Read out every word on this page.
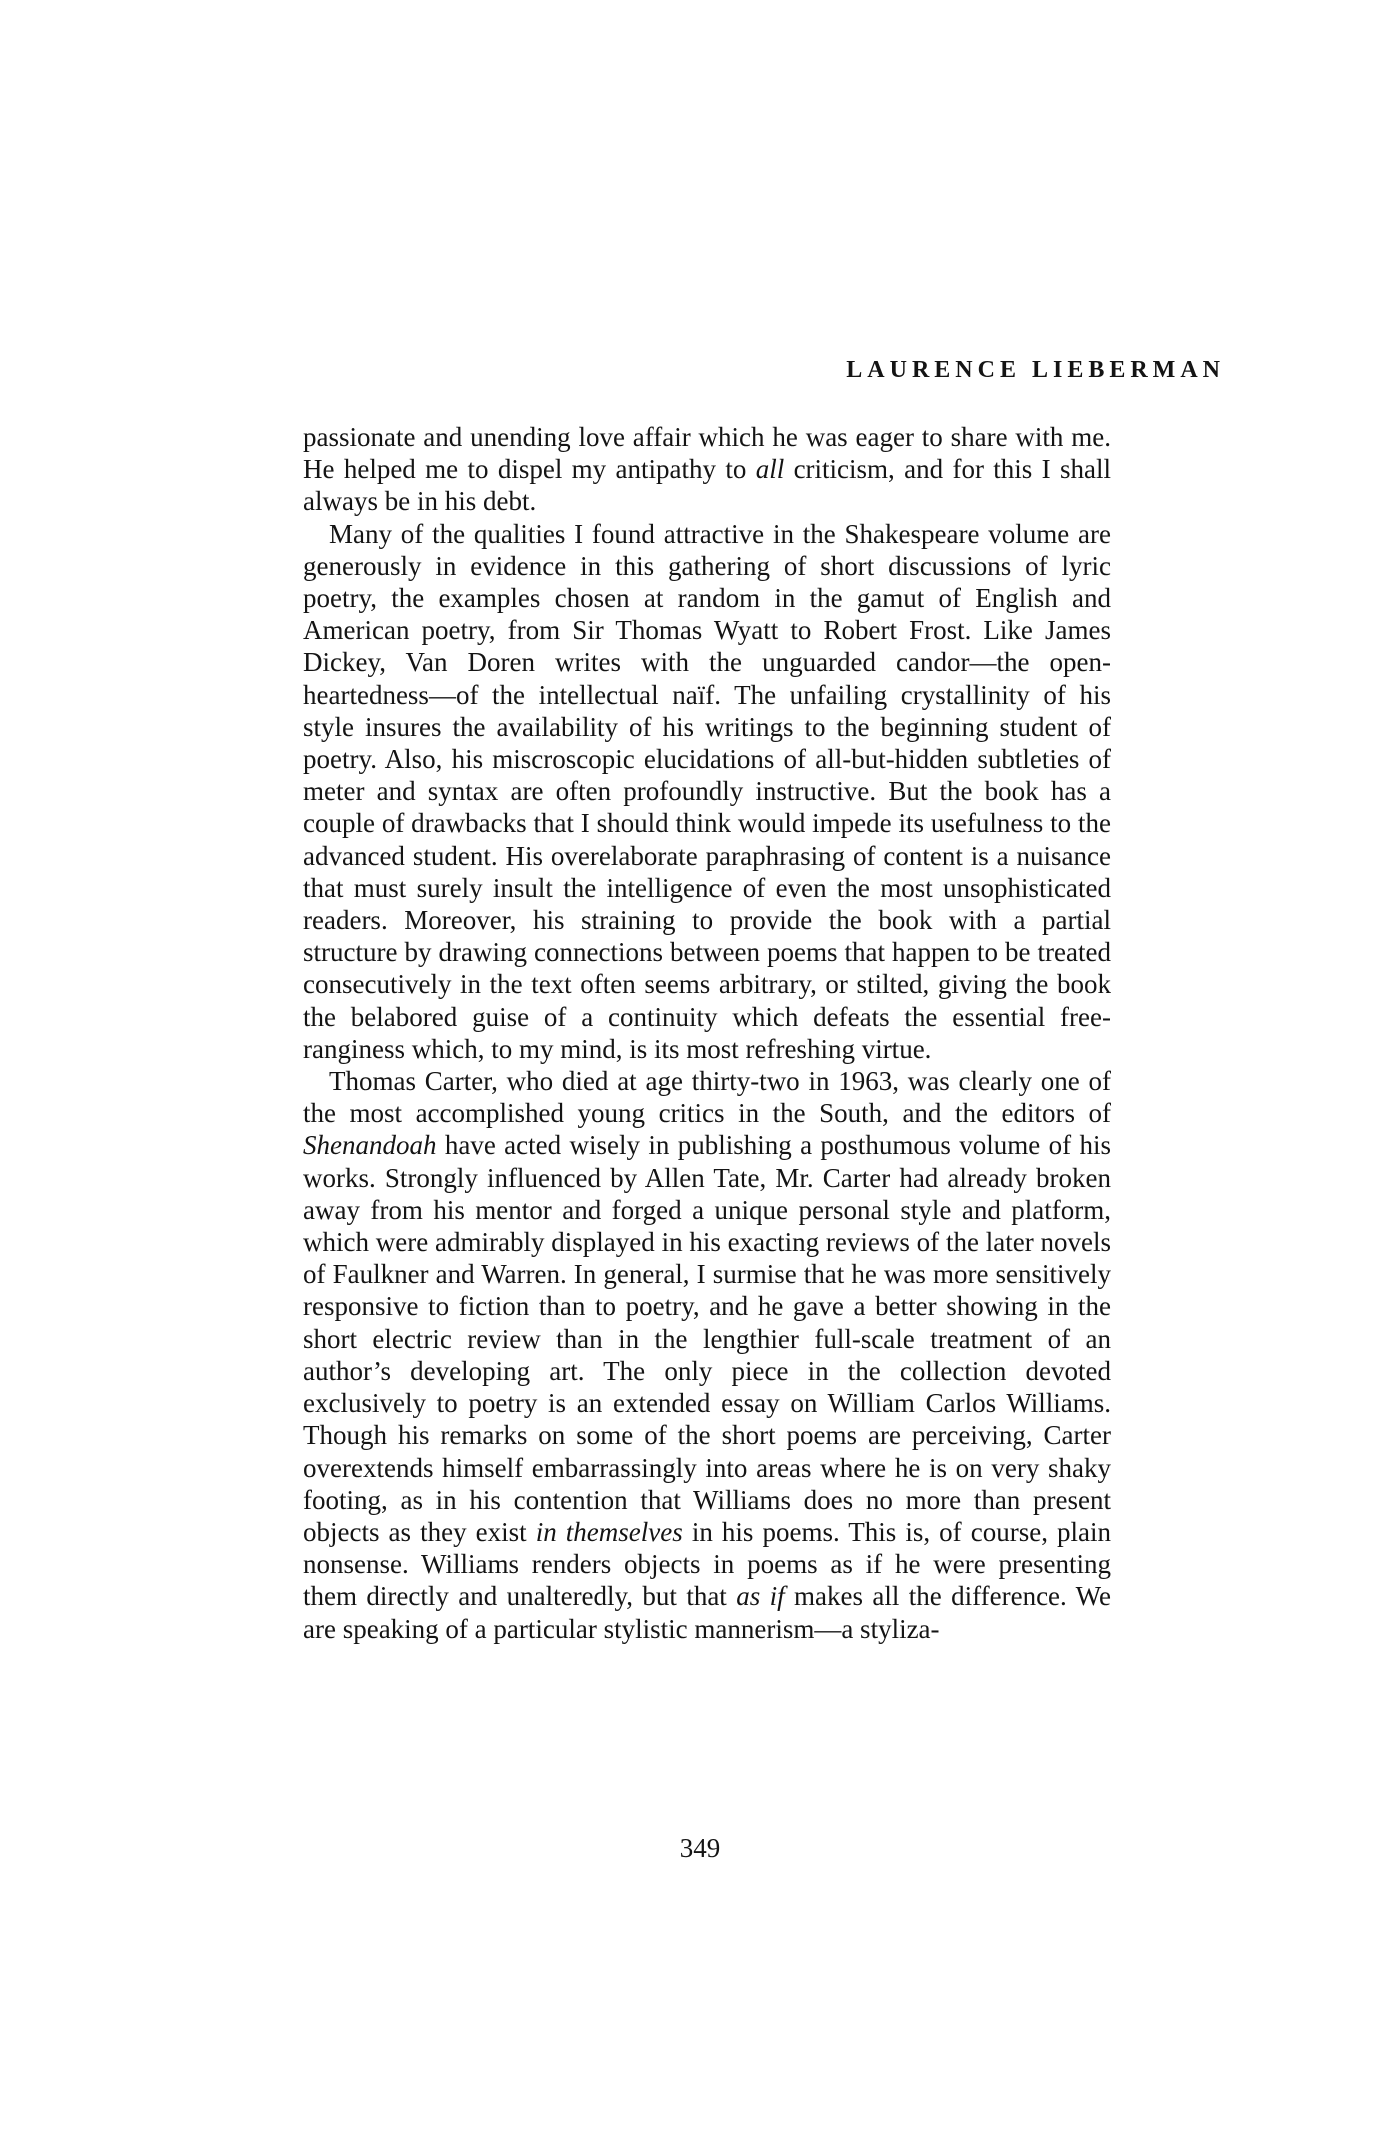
LAURENCE LIEBERMAN

passionate and unending love affair which he was eager to share with me. He helped me to dispel my antipathy to all criticism, and for this I shall always be in his debt.

Many of the qualities I found attractive in the Shakespeare volume are generously in evidence in this gathering of short discussions of lyric poetry, the examples chosen at random in the gamut of English and American poetry, from Sir Thomas Wyatt to Robert Frost. Like James Dickey, Van Doren writes with the unguarded candor—the open-heartedness—of the intellectual naïf. The unfailing crystallinity of his style insures the availability of his writings to the beginning student of poetry. Also, his miscroscopic elucidations of all-but-hidden subtleties of meter and syntax are often profoundly instructive. But the book has a couple of drawbacks that I should think would impede its usefulness to the advanced student. His overelaborate paraphrasing of content is a nuisance that must surely insult the intelligence of even the most unsophisticated readers. Moreover, his straining to provide the book with a partial structure by drawing connections between poems that happen to be treated consecutively in the text often seems arbitrary, or stilted, giving the book the belabored guise of a continuity which defeats the essential free-ranginess which, to my mind, is its most refreshing virtue.

Thomas Carter, who died at age thirty-two in 1963, was clearly one of the most accomplished young critics in the South, and the editors of Shenandoah have acted wisely in publishing a posthumous volume of his works. Strongly influenced by Allen Tate, Mr. Carter had already broken away from his mentor and forged a unique personal style and platform, which were admirably displayed in his exacting reviews of the later novels of Faulkner and Warren. In general, I surmise that he was more sensitively responsive to fiction than to poetry, and he gave a better showing in the short electric review than in the lengthier full-scale treatment of an author’s developing art. The only piece in the collection devoted exclusively to poetry is an extended essay on William Carlos Williams. Though his remarks on some of the short poems are perceiving, Carter overextends himself embarrassingly into areas where he is on very shaky footing, as in his contention that Williams does no more than present objects as they exist in themselves in his poems. This is, of course, plain nonsense. Williams renders objects in poems as if he were presenting them directly and unalteredly, but that as if makes all the difference. We are speaking of a particular stylistic mannerism—a styliza-

349
